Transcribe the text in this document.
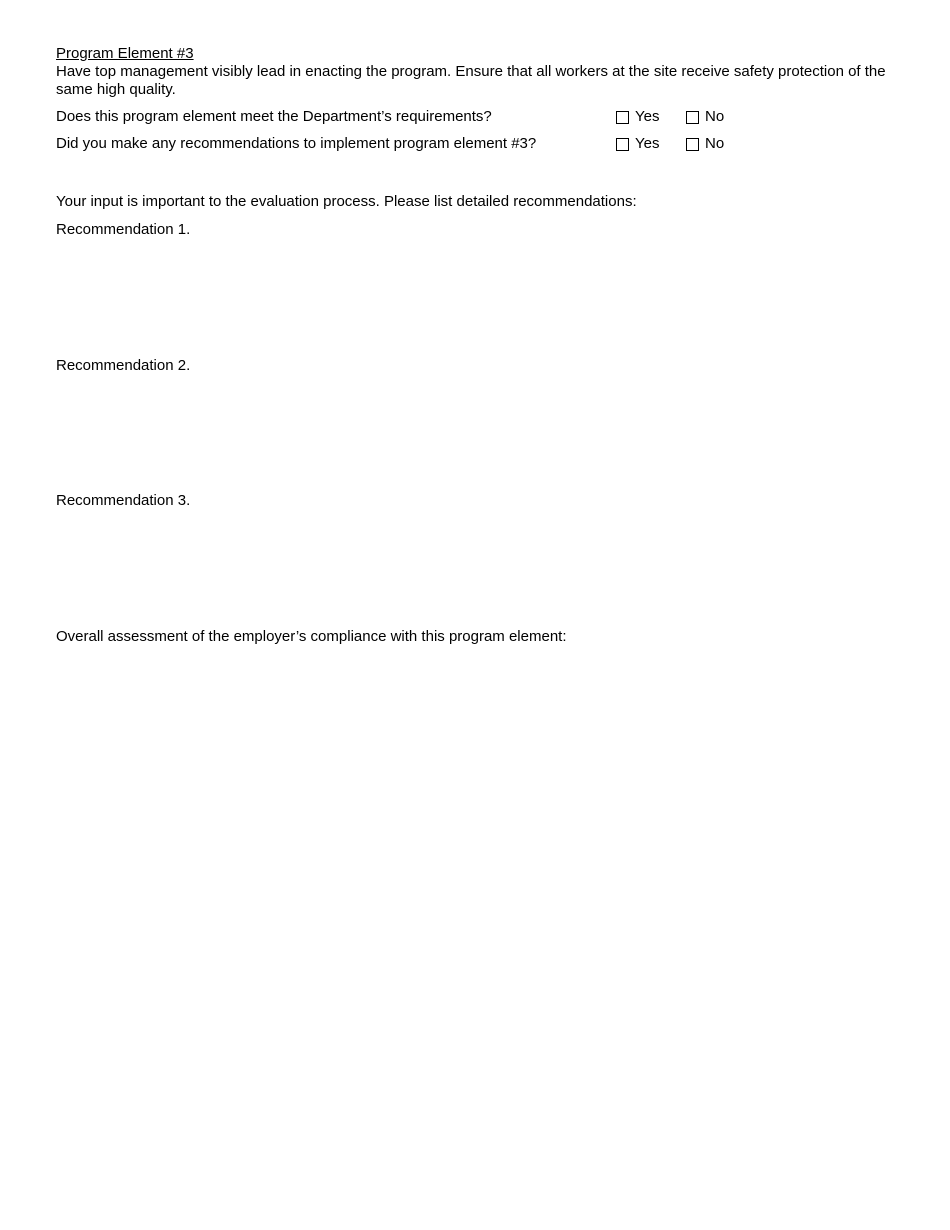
Program Element #3
Have top management visibly lead in enacting the program. Ensure that all workers at the site receive safety protection of the same high quality.
Does this program element meet the Department’s requirements?	Yes	No
Did you make any recommendations to implement program element #3?	Yes	No
Your input is important to the evaluation process. Please list detailed recommendations:
Recommendation 1.
Recommendation 2.
Recommendation 3.
Overall assessment of the employer’s compliance with this program element:
